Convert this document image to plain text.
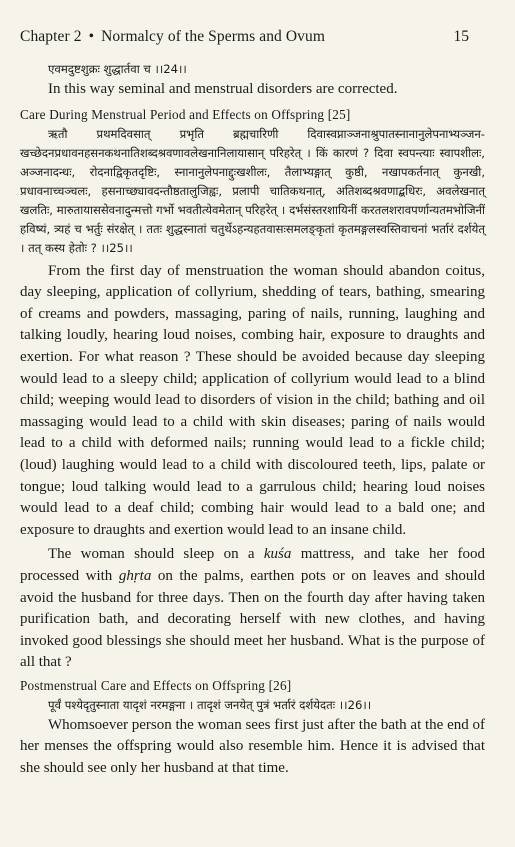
Chapter 2 • Normalcy of the Sperms and Ovum	15

एवमदुष्टशुक्रः शुद्धार्तवा च ।।24।।

In this way seminal and menstrual disorders are corrected.

Care During Menstrual Period and Effects on Offspring [25]

ऋतौ प्रथमदिवसात् प्रभृति ब्रह्मचारिणी दिवास्वप्नाञ्जनाश्रुपातस्नानानुलेपनाभ्यञ्जन-खच्छेदनप्रधावनहसनकथनातिशब्दश्रवणावलेखनानिलायासान् परिहरेत् । किं कारणं ? दिवा स्वपन्त्याः स्वापशीलः, अञ्जनादन्धः, रोदनाद्विकृतदृष्टिः, स्नानानुलेपनाद्दुःखशीलः, तैलाभ्यङ्गात् कुष्ठी, नखापकर्तनात् कुनखी, प्रधावनाच्चञ्चलः, हसनाच्छ्यावदन्तौष्ठतालुजिह्वः, प्रलापी चातिकथनात्, अतिशब्दश्रवणाद्बधिरः, अवलेखनात् खलतिः, मारुतायाससेवनादुन्मत्तो गर्भो भवतीत्येवमेतान् परिहरेत् । दर्भसंस्तरशायिनीं करतलशरावपर्णान्यतमभोजिनीं हविष्यं, त्र्यहं च भर्तुः संरक्षेत् । ततः शुद्धस्नातां चतुर्थेऽहन्यहतवासःसमलङ्कृतां कृतमङ्गलस्वस्तिवाचनां भर्तारं दर्शयेत् । तत् कस्य हेतोः ? ।।25।।

From the first day of menstruation the woman should abandon coitus, day sleeping, application of collyrium, shedding of tears, bathing, smearing of creams and powders, massaging, paring of nails, running, laughing and talking loudly, hearing loud noises, combing hair, exposure to draughts and exertion. For what reason ? These should be avoided because day sleeping would lead to a sleepy child; application of collyrium would lead to a blind child; weeping would lead to disorders of vision in the child; bathing and oil massaging would lead to a child with skin diseases; paring of nails would lead to a child with deformed nails; running would lead to a fickle child; (loud) laughing would lead to a child with discoloured teeth, lips, palate or tongue; loud talking would lead to a garrulous child; hearing loud noises would lead to a deaf child; combing hair would lead to a bald one; and exposure to draughts and exertion would lead to an insane child.

The woman should sleep on a kuśa mattress, and take her food processed with ghṛta on the palms, earthen pots or on leaves and should avoid the husband for three days. Then on the fourth day after having taken purification bath, and decorating herself with new clothes, and having invoked good blessings she should meet her husband. What is the purpose of all that ?

Postmenstrual Care and Effects on Offspring [26]

पूर्वं पश्येदृतुस्नाता यादृशं नरमङ्गना । तादृशं जनयेत् पुत्रं भर्तारं दर्शयेदतः ।।26।।

Whomsoever person the woman sees first just after the bath at the end of her menses the offspring would also resemble him. Hence it is advised that she should see only her husband at that time.
